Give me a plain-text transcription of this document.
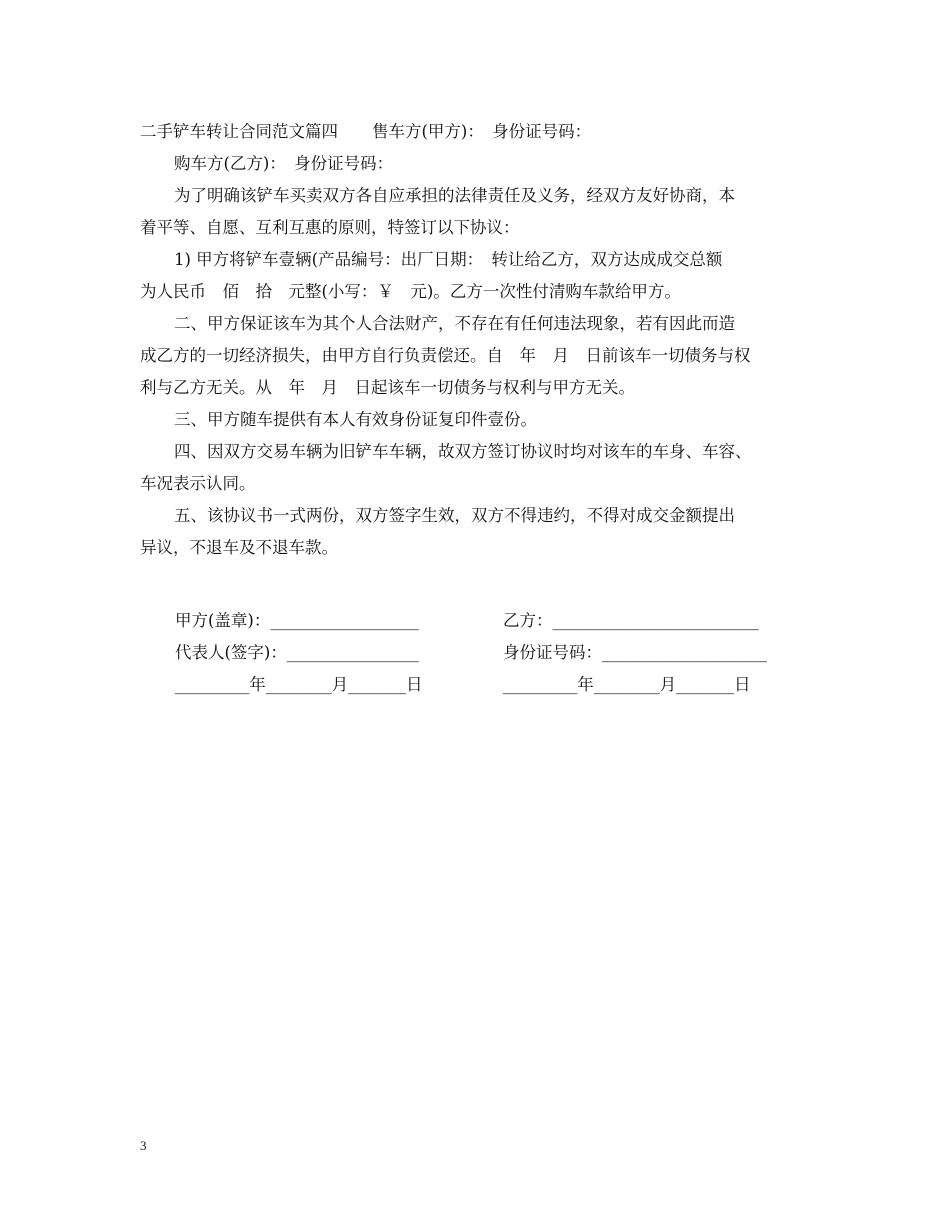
二手铲车转让合同范文篇四 售车方(甲方)：　身份证号码：
购车方(乙方)：　身份证号码：
为了明确该铲车买卖双方各自应承担的法律责任及义务，经双方友好协商，本
着平等、自愿、互利互惠的原则，特签订以下协议：
1) 甲方将铲车壹辆(产品编号：出厂日期：　转让给乙方，双方达成成交总额
为人民币　佰　拾　元整(小写：￥　元)。乙方一次性付清购车款给甲方。
二、甲方保证该车为其个人合法财产，不存在有任何违法现象，若有因此而造
成乙方的一切经济损失，由甲方自行负责偿还。自　年　月　日前该车一切债务与权
利与乙方无关。从　年　月　日起该车一切债务与权利与甲方无关。
三、甲方随车提供有本人有效身份证复印件壹份。
四、因双方交易车辆为旧铲车车辆，故双方签订协议时均对该车的车身、车容、
车况表示认同。
五、该协议书一式两份，双方签字生效，双方不得违约，不得对成交金额提出
异议，不退车及不退车款。
甲方(盖章)：__________________	乙方：_________________________
代表人(签字)：________________	身份证号码：____________________
_________年________月_______日	_________年________月_______日
3
